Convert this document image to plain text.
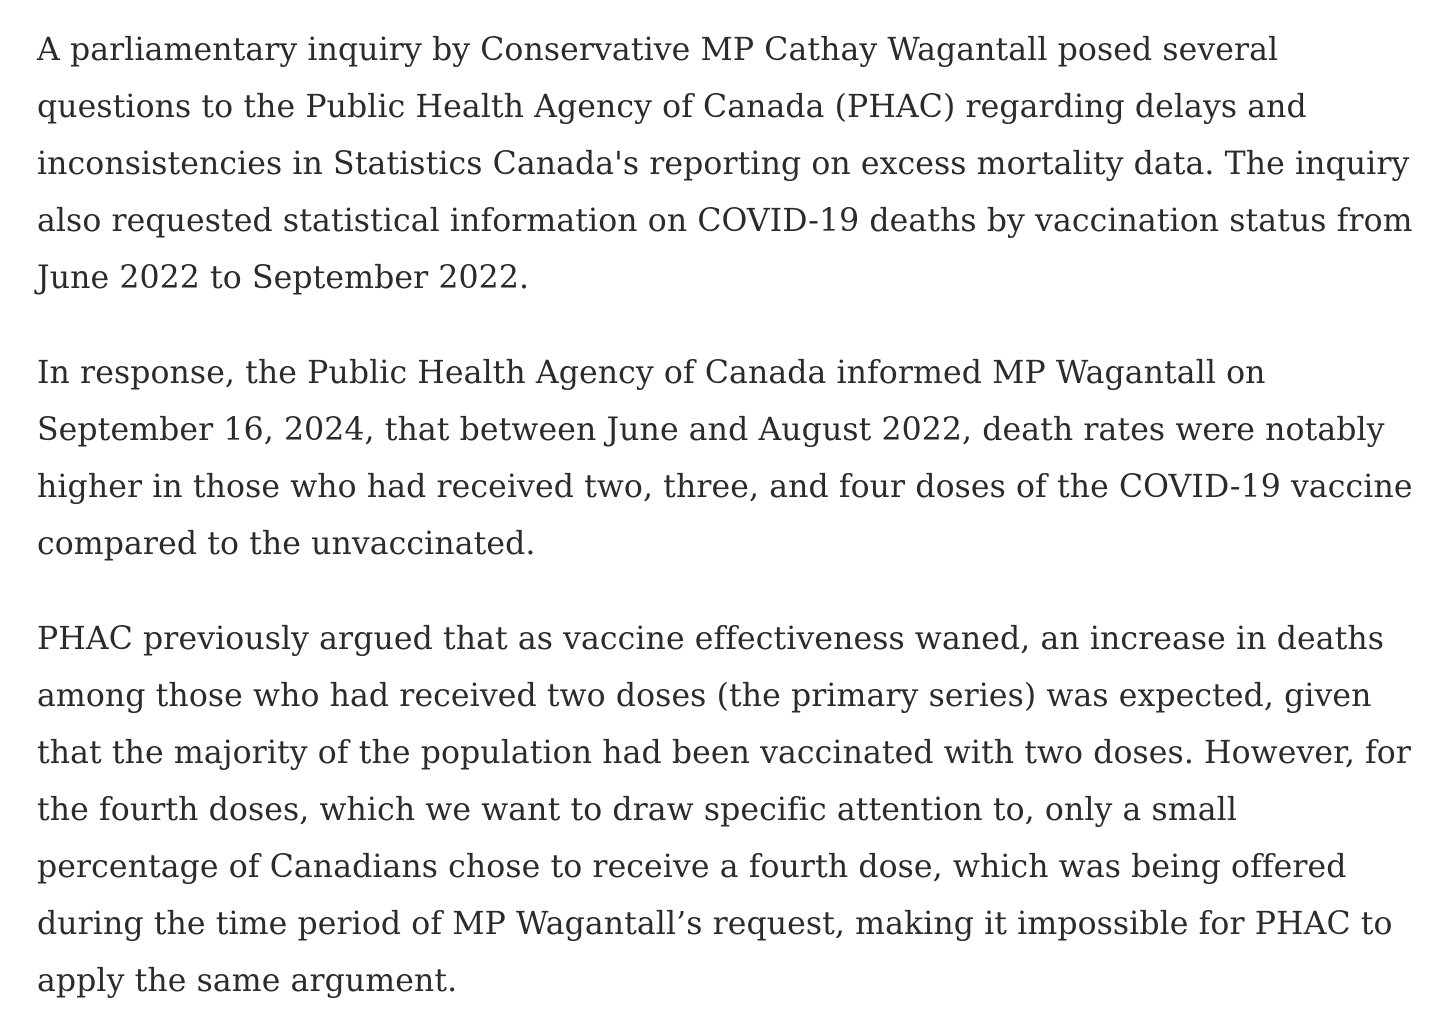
A parliamentary inquiry by Conservative MP Cathay Wagantall posed several questions to the Public Health Agency of Canada (PHAC) regarding delays and inconsistencies in Statistics Canada's reporting on excess mortality data. The inquiry also requested statistical information on COVID-19 deaths by vaccination status from June 2022 to September 2022.

In response, the Public Health Agency of Canada informed MP Wagantall on September 16, 2024, that between June and August 2022, death rates were notably higher in those who had received two, three, and four doses of the COVID-19 vaccine compared to the unvaccinated.

PHAC previously argued that as vaccine effectiveness waned, an increase in deaths among those who had received two doses (the primary series) was expected, given that the majority of the population had been vaccinated with two doses. However, for the fourth doses, which we want to draw specific attention to, only a small percentage of Canadians chose to receive a fourth dose, which was being offered during the time period of MP Wagantall’s request, making it impossible for PHAC to apply the same argument.
